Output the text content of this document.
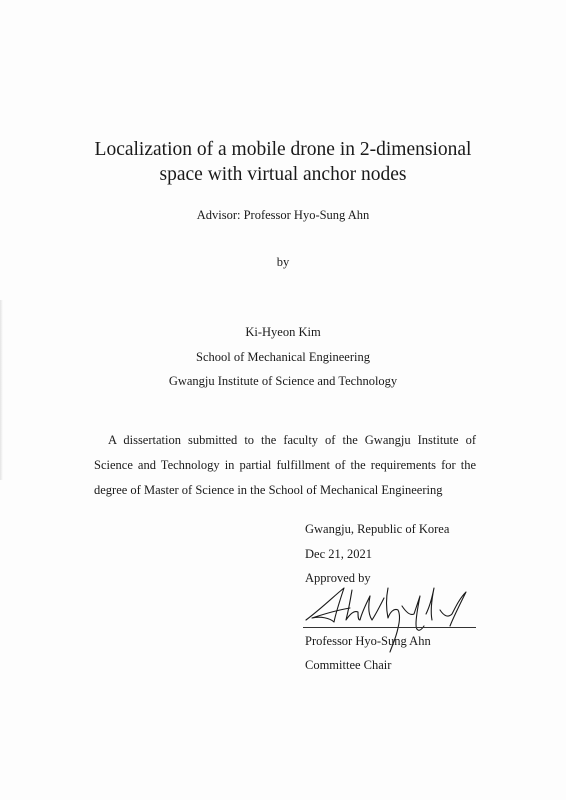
Localization of a mobile drone in 2-dimensional
space with virtual anchor nodes
Advisor: Professor Hyo-Sung Ahn
by
Ki-Hyeon Kim
School of Mechanical Engineering
Gwangju Institute of Science and Technology

A dissertation submitted to the faculty of the Gwangju Institute of Science and Technology in partial fulfillment of the requirements for the degree of Master of Science in the School of Mechanical Engineering

Gwangju, Republic of Korea
Dec 21, 2021
Approved by
Professor Hyo-Sung Ahn
Committee Chair
